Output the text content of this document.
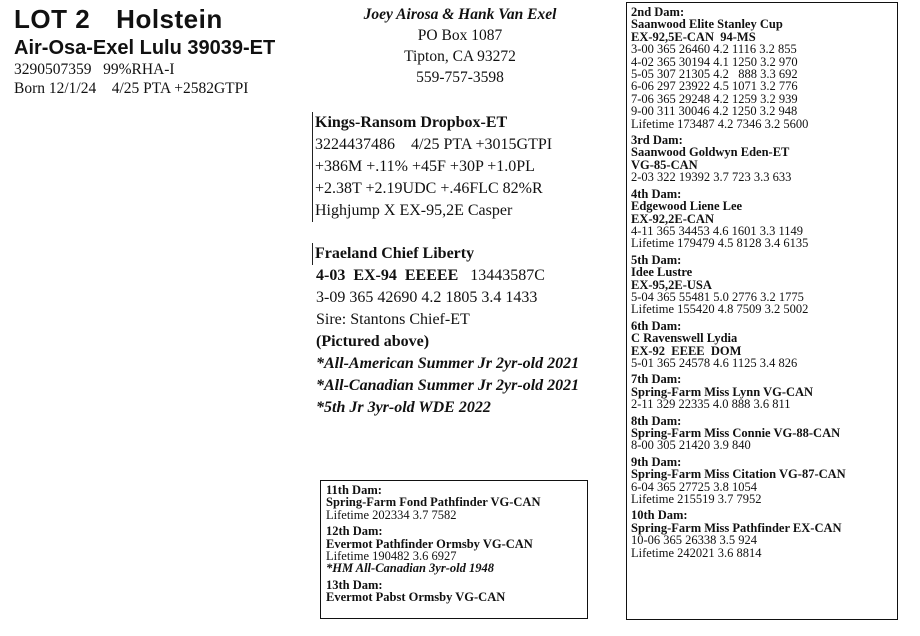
LOT 2 Holstein
Air-Osa-Exel Lulu 39039-ET
3290507359   99%RHA-I
Born 12/1/24    4/25 PTA +2582GTPI
Joey Airosa & Hank Van Exel
PO Box 1087
Tipton, CA 93272
559-757-3598
Kings-Ransom Dropbox-ET
3224437486    4/25 PTA +3015GTPI
+386M +.11% +45F +30P +1.0PL
+2.38T +2.19UDC +.46FLC 82%R
Highjump X EX-95,2E Casper
Fraeland Chief Liberty
4-03  EX-94  EEEEE 13443587C
3-09 365 42690 4.2 1805 3.4 1433
Sire: Stantons Chief-ET
(Pictured above)
*All-American Summer Jr 2yr-old 2021
*All-Canadian Summer Jr 2yr-old 2021
*5th Jr 3yr-old WDE 2022
2nd Dam:
Saanwood Elite Stanley Cup
EX-92,5E-CAN  94-MS
3-00 365 26460 4.2 1116 3.2 855
4-02 365 30194 4.1 1250 3.2 970
5-05 307 21305 4.2   888 3.3 692
6-06 297 23922 4.5 1071 3.2 776
7-06 365 29248 4.2 1259 3.2 939
9-00 311 30046 4.2 1250 3.2 948
Lifetime 173487 4.2 7346 3.2 5600
3rd Dam:
Saanwood Goldwyn Eden-ET
VG-85-CAN
2-03 322 19392 3.7 723 3.3 633
4th Dam:
Edgewood Liene Lee
EX-92,2E-CAN
4-11 365 34453 4.6 1601 3.3 1149
Lifetime 179479 4.5 8128 3.4 6135
5th Dam:
Idee Lustre
EX-95,2E-USA
5-04 365 55481 5.0 2776 3.2 1775
Lifetime 155420 4.8 7509 3.2 5002
6th Dam:
C Ravenswell Lydia
EX-92  EEEE  DOM
5-01 365 24578 4.6 1125 3.4 826
7th Dam:
Spring-Farm Miss Lynn VG-CAN
2-11 329 22335 4.0 888 3.6 811
8th Dam:
Spring-Farm Miss Connie VG-88-CAN
8-00 305 21420 3.9 840
9th Dam:
Spring-Farm Miss Citation VG-87-CAN
6-04 365 27725 3.8 1054
Lifetime 215519 3.7 7952
10th Dam:
Spring-Farm Miss Pathfinder EX-CAN
10-06 365 26338 3.5 924
Lifetime 242021 3.6 8814
11th Dam:
Spring-Farm Fond Pathfinder VG-CAN
Lifetime 202334 3.7 7582
12th Dam:
Evermot Pathfinder Ormsby VG-CAN
Lifetime 190482 3.6 6927
*HM All-Canadian 3yr-old 1948
13th Dam:
Evermot Pabst Ormsby VG-CAN
